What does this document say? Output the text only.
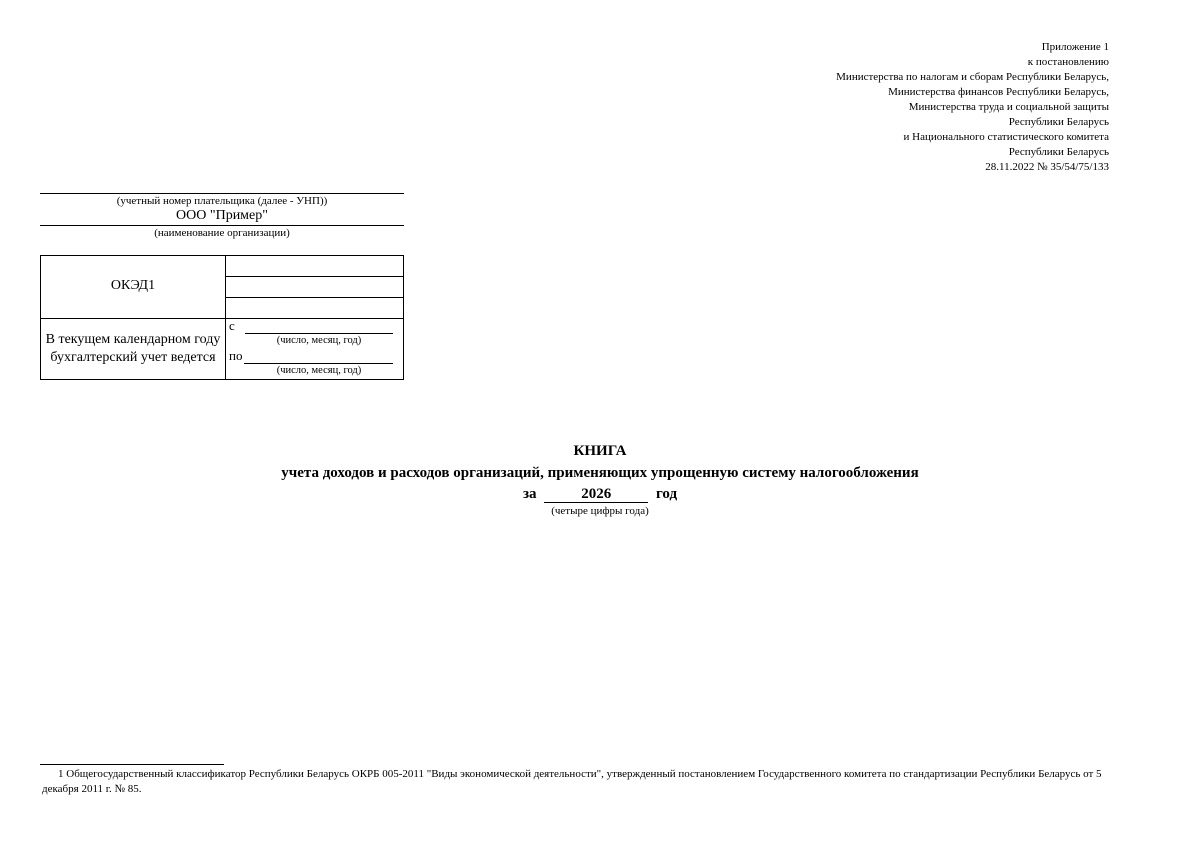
Приложение 1
к постановлению
Министерства по налогам и сборам Республики Беларусь,
Министерства финансов Республики Беларусь,
Министерства труда и социальной защиты
Республики Беларусь
и Национального статистического комитета
Республики Беларусь
28.11.2022 № 35/54/75/133
(учетный номер плательщика (далее - УНП))
ООО "Пример"
(наименование организации)
ОКЭД1
В текущем календарном году
бухгалтерский учет ведется
с
(число, месяц, год)
по
(число, месяц, год)
КНИГА
учета доходов и расходов организаций, применяющих упрощенную систему налогообложения
за	2026	год
(четыре цифры года)
1 Общегосударственный классификатор Республики Беларусь ОКРБ 005-2011 "Виды экономической деятельности", утвержденный постановлением Государственного комитета по стандартизации Республики Беларусь от 5 декабря 2011 г. № 85.
